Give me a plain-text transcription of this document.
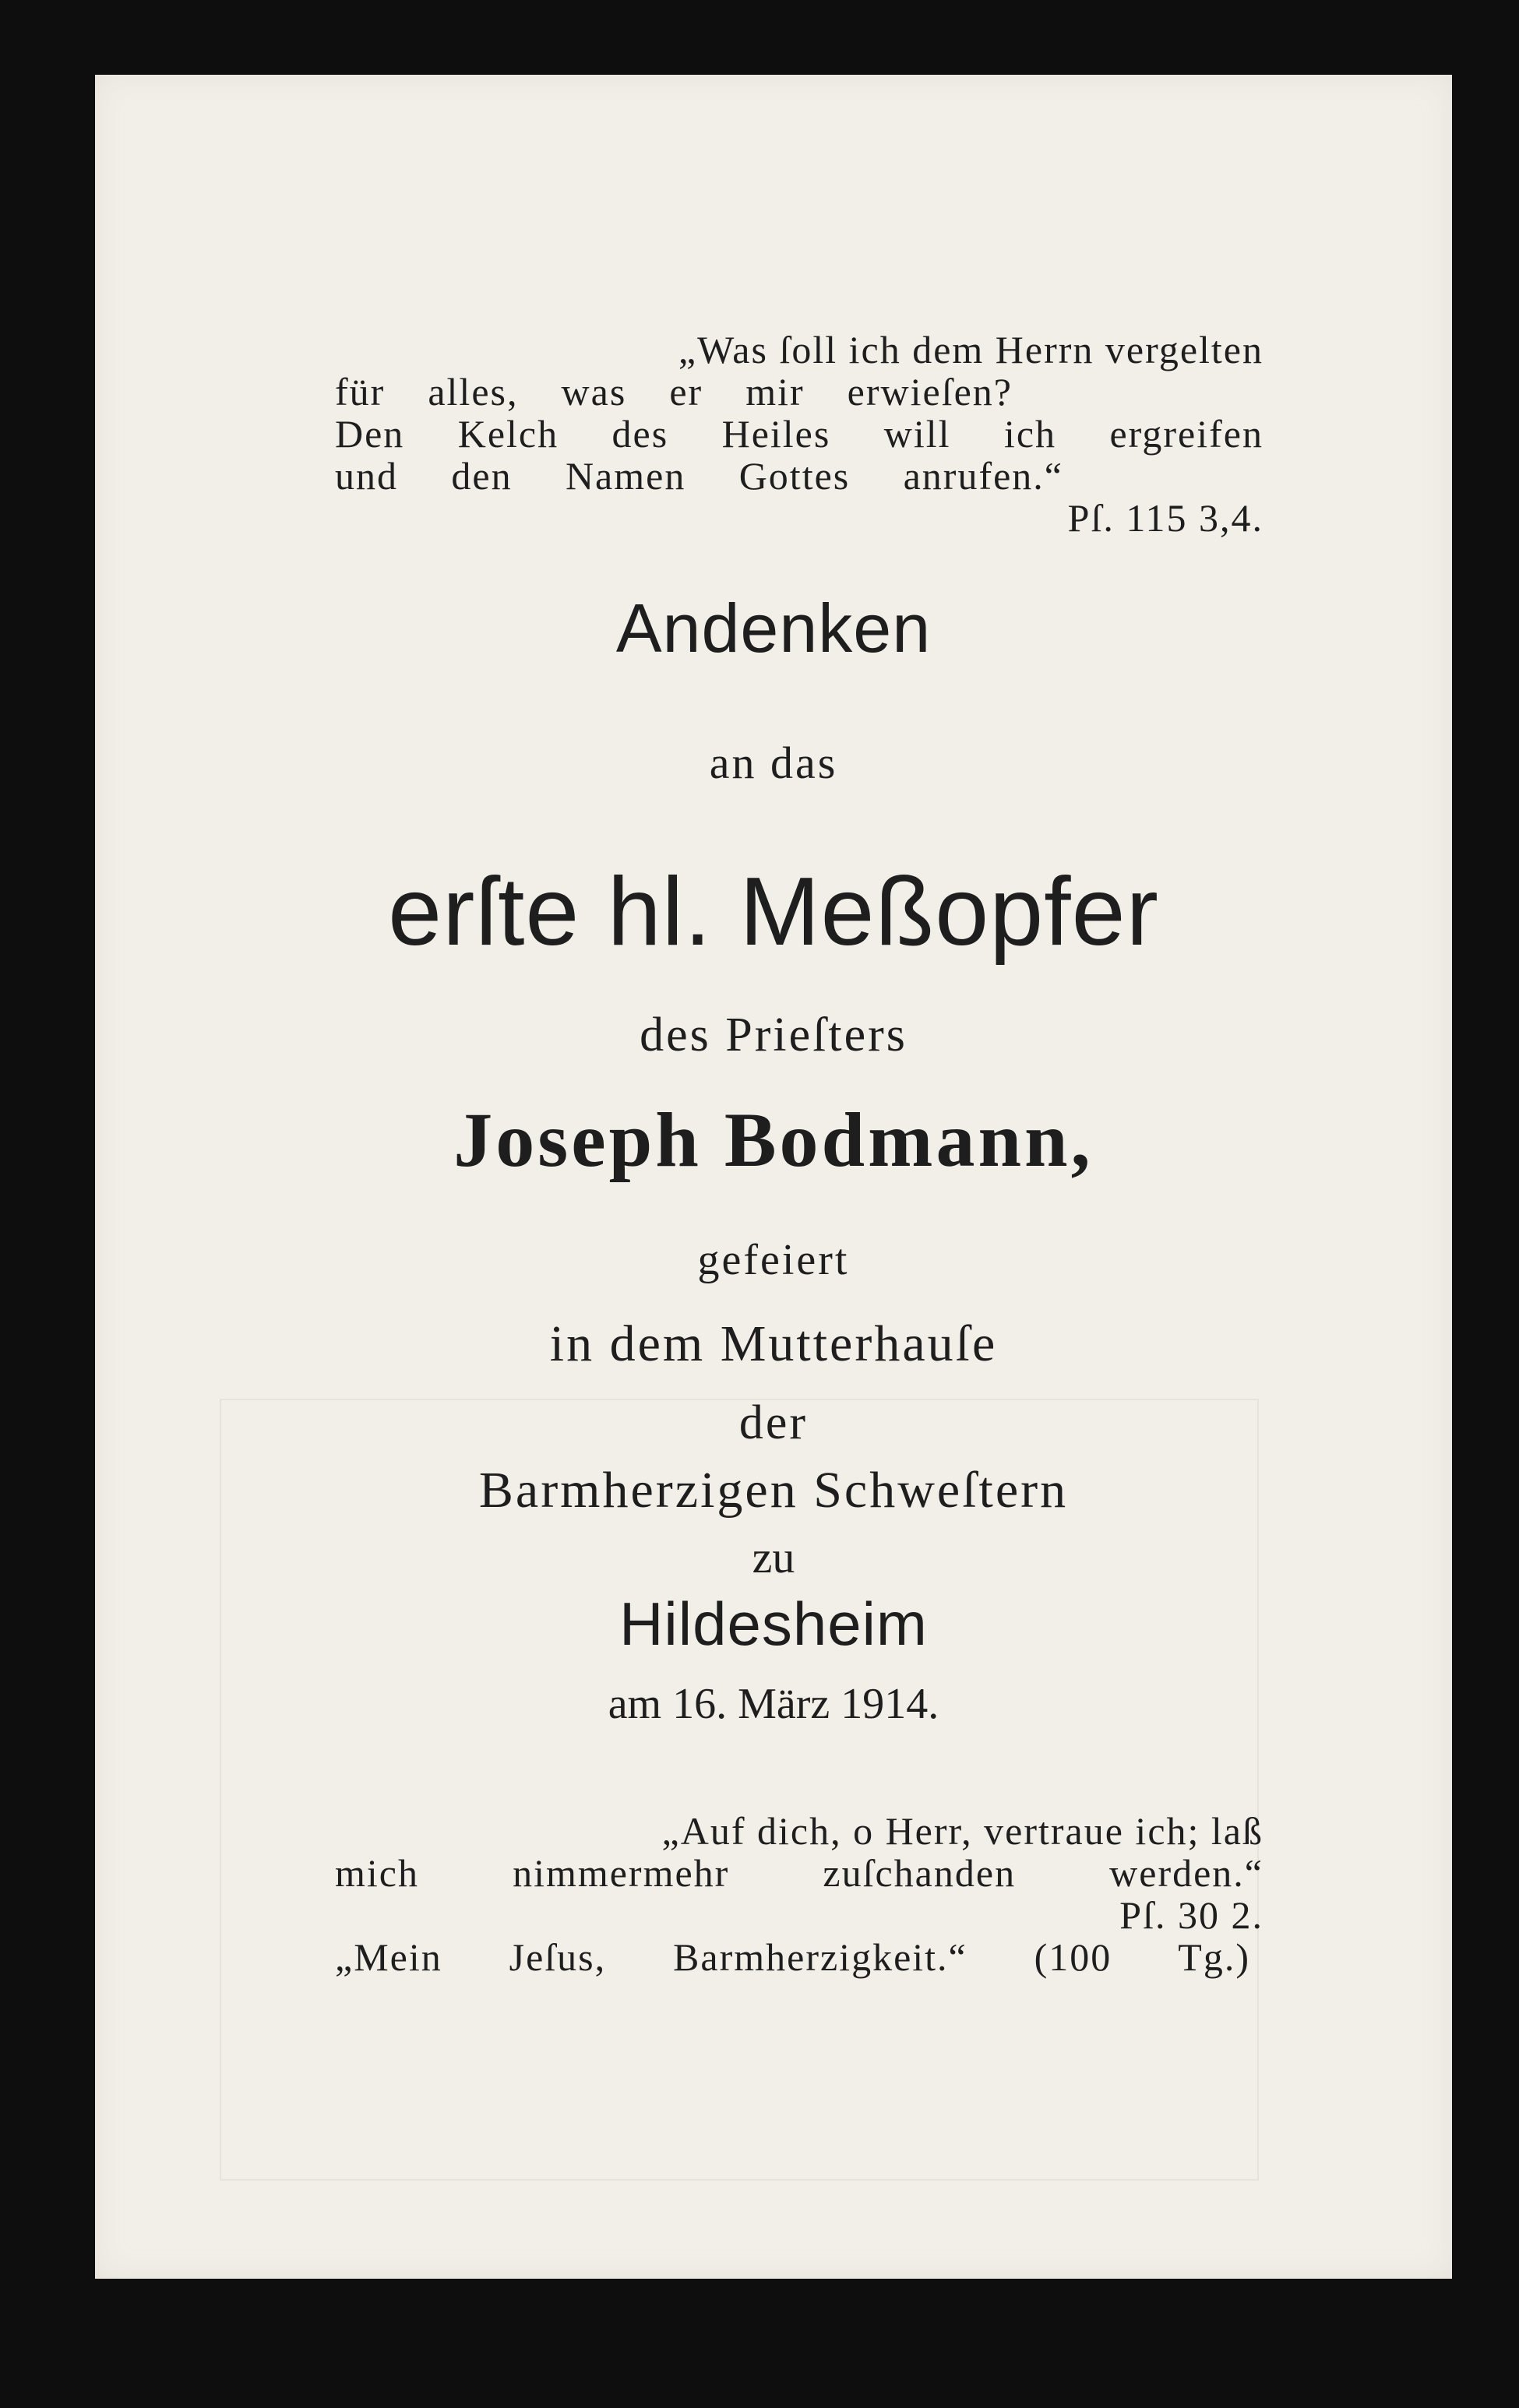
„Was ſoll ich dem Herrn vergelten
für alles, was er mir erwieſen?
Den Kelch des Heiles will ich ergreifen
und den Namen Gottes anrufen.“
Pſ. 115 3,4.
Andenken
an das
erſte hl. Meßopfer
des Prieſters
Joseph Bodmann,
gefeiert
in dem Mutterhauſe
der
Barmherzigen Schweſtern
zu
Hildesheim
am 16. März 1914.
„Auf dich, o Herr, vertraue ich; laß
mich nimmermehr zuſchanden werden.“
Pſ. 30 2.
„Mein Jeſus, Barmherzigkeit.“ (100 Tg.)
